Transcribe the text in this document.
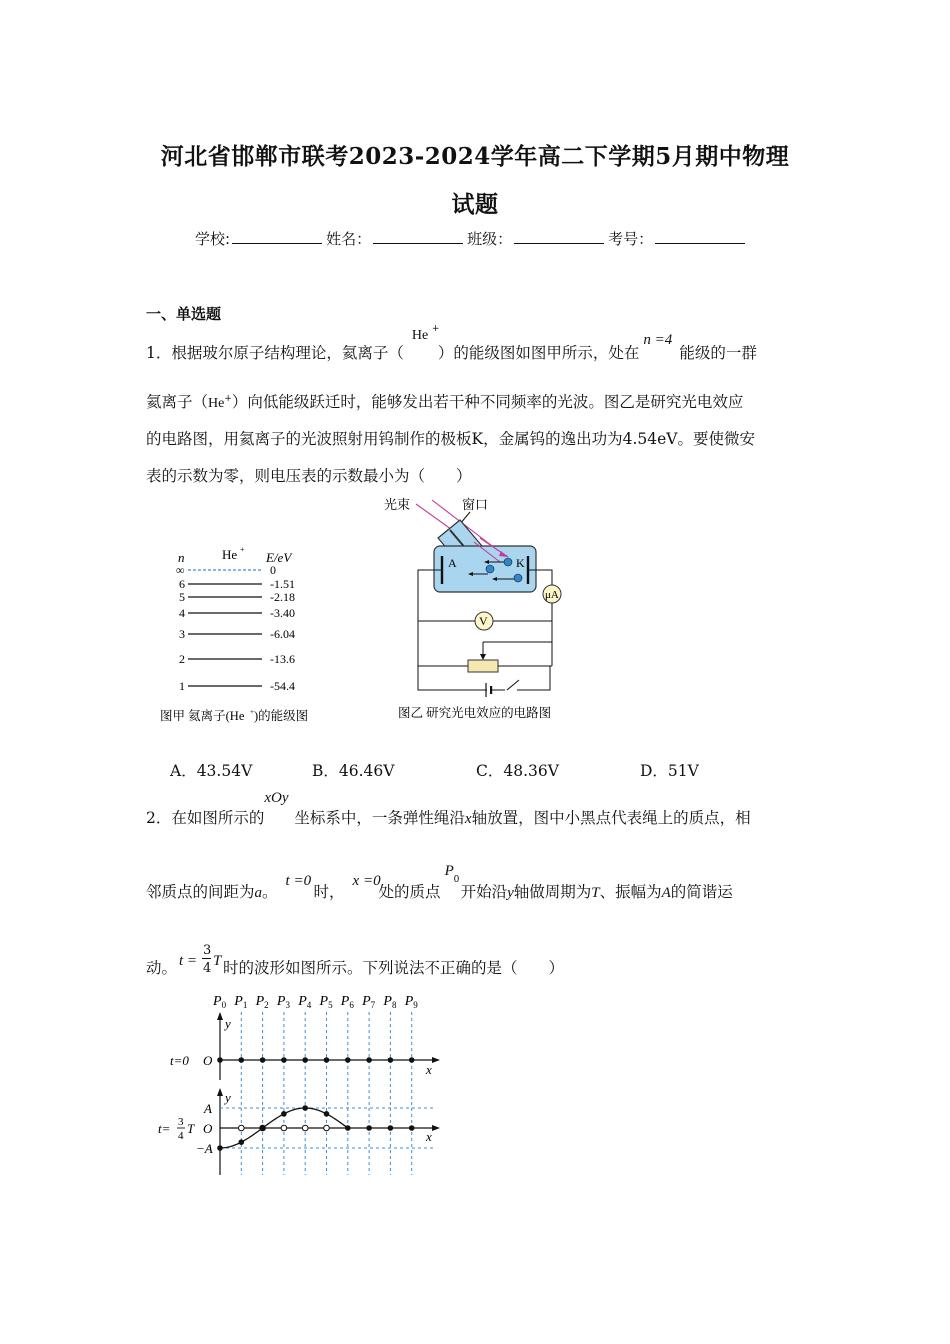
河北省邯郸市联考2023-2024学年高二下学期5月期中物理
试题
学校:	姓名：	班级：	考号：
一、单选题
1．根据玻尔原子结构理论，氦离子（
He +
）的能级图如图甲所示，处在
n =4
能级的一群
氦离子（He+）向低能级跃迁时，能够发出若干种不同频率的光波。图乙是研究光电效应
的电路图，用氦离子的光波照射用钨制作的极板K，金属钨的逸出功为4.54eV。要使微安
表的示数为零，则电压表的示数最小为（　　）
n	He +
E/eV
∞	0
6	-1.51
5	-2.18
4	-3.40
3	-6.04
2	-13.6
1	-54.4
图甲 氦离子(He + )的能级图
光束	窗口
A	K
μA
V
图乙 研究光电效应的电路图
A．43.54V	B．46.46V	C．48.36V	D．51V
2．在如图所示的
xOy
坐标系中，一条弹性绳沿x轴放置，图中小黑点代表绳上的质点，相
邻质点的间距为a。
t =0
时，
x =0
处的质点
P
0
开始沿y轴做周期为T、振幅为A的简谐运
动。 t =
3
4 T 时的波形如图所示。下列说法不正确的是（　　）
$P_0$ $P_1$ $P_2$ $P_3$ $P_4$ $P_5$ $P_6$ $P_7$ $P_8$ $P_9$
y
x
t=0 O
y
x
A
O
−A
t= 3
4 T
